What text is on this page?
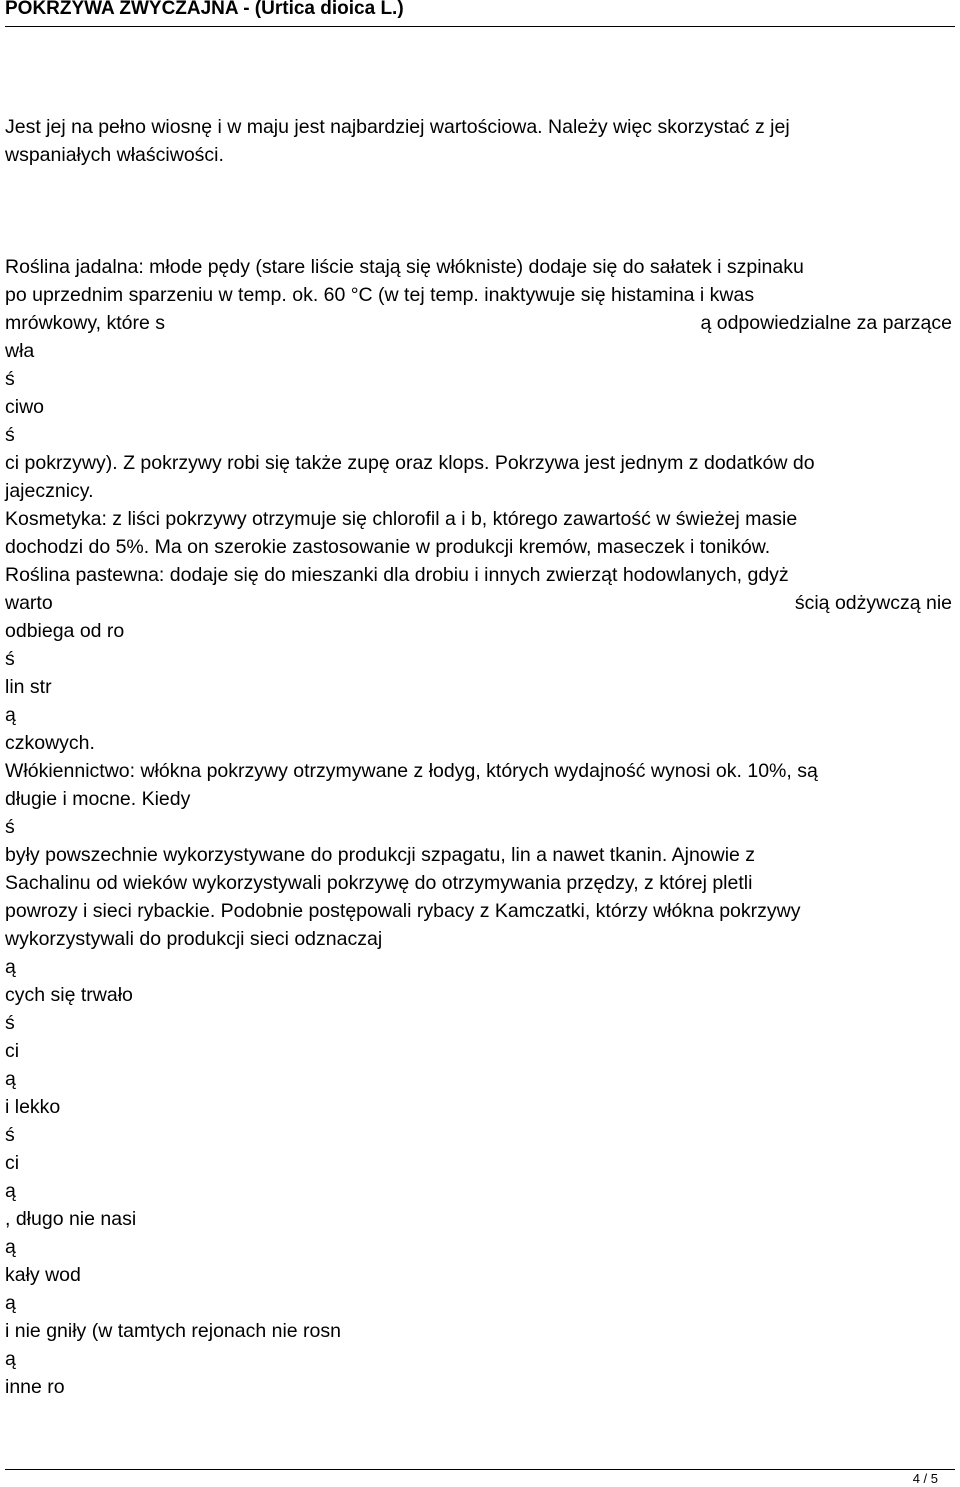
POKRZYWA ZWYCZAJNA - (Urtica dioica L.)
Jest jej na pełno wiosnę i w maju jest najbardziej wartościowa. Należy więc skorzystać z jej
wspaniałych właściwości.
Roślina jadalna: młode pędy (stare liście stają się włókniste) dodaje się do sałatek i szpinaku
po uprzednim sparzeniu w temp. ok. 60 °C (w tej temp. inaktywuje się histamina i kwas
mrówkowy, które s	ą odpowiedzialne za parzące
wła
ś
ciwo
ś
ci pokrzywy). Z pokrzywy robi się także zupę oraz klops. Pokrzywa jest jednym z dodatków do
jajecznicy.
Kosmetyka: z liści pokrzywy otrzymuje się chlorofil a i b, którego zawartość w świeżej masie
dochodzi do 5%. Ma on szerokie zastosowanie w produkcji kremów, maseczek i toników.
Roślina pastewna: dodaje się do mieszanki dla drobiu i innych zwierząt hodowlanych, gdyż
warto	ścią odżywczą nie
odbiega od ro
ś
lin str
ą
czkowych.
Włókiennictwo: włókna pokrzywy otrzymywane z łodyg, których wydajność wynosi ok. 10%, są
długie i mocne. Kiedy
ś
były powszechnie wykorzystywane do produkcji szpagatu, lin a nawet tkanin. Ajnowie z
Sachalinu od wieków wykorzystywali pokrzywę do otrzymywania przędzy, z której pletli
powrozy i sieci rybackie. Podobnie postępowali rybacy z Kamczatki, którzy włókna pokrzywy
wykorzystywali do produkcji sieci odznaczaj
ą
cych się trwało
ś
ci
ą
i lekko
ś
ci
ą
, długo nie nasi
ą
kały wod
ą
i nie gniły (w tamtych rejonach nie rosn
ą
inne ro
4 / 5
